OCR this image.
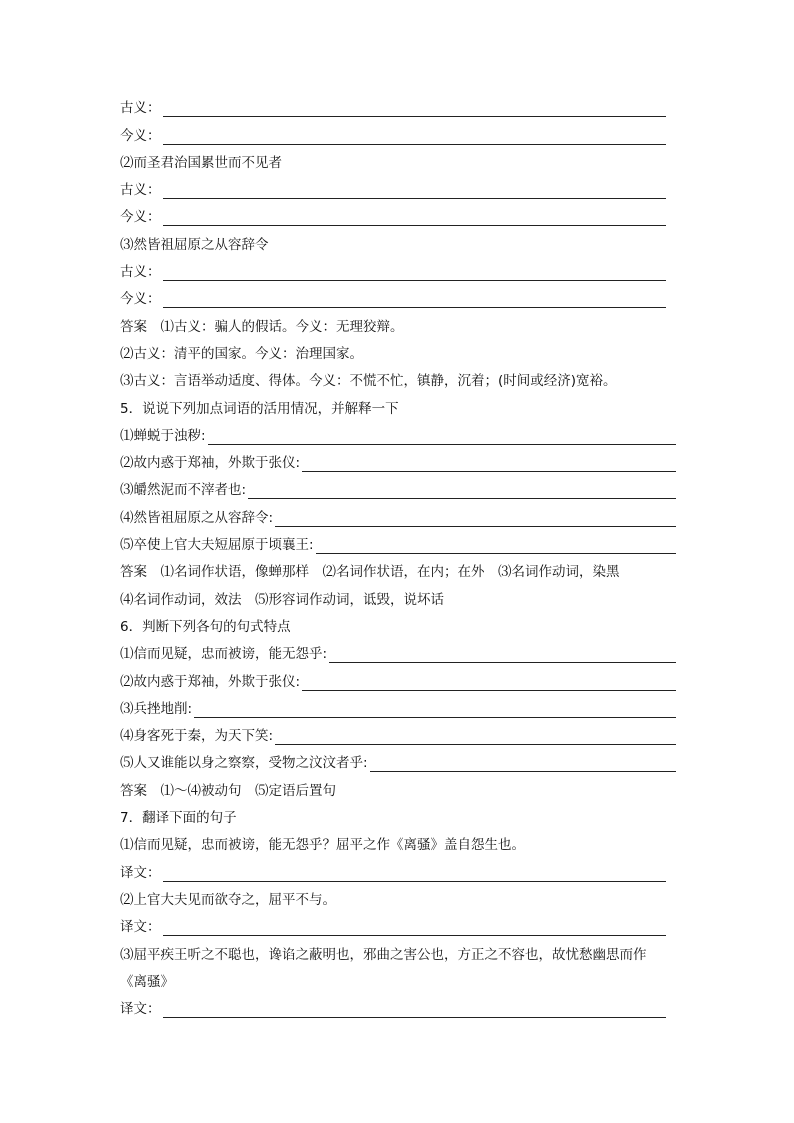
古义：
今义：
⑵而圣君治国累世而不见者
古义：
今义：
⑶然皆祖屈原之从容辞令
古义：
今义：
答案　⑴古义：骗人的假话。今义：无理狡辩。
⑵古义：清平的国家。今义：治理国家。
⑶古义：言语举动适度、得体。今义：不慌不忙，镇静，沉着；(时间或经济)宽裕。
5．说说下列加点词语的活用情况，并解释一下
⑴蝉蜕于浊秽:
⑵故内惑于郑袖，外欺于张仪:
⑶皭然泥而不滓者也:
⑷然皆祖屈原之从容辞令:
⑸卒使上官大夫短屈原于顷襄王:
答案　⑴名词作状语，像蝉那样　⑵名词作状语，在内；在外　⑶名词作动词，染黑
⑷名词作动词，效法　⑸形容词作动词，诋毁，说坏话
6．判断下列各句的句式特点
⑴信而见疑，忠而被谤，能无怨乎:
⑵故内惑于郑袖，外欺于张仪:
⑶兵挫地削:
⑷身客死于秦，为天下笑:
⑸人又谁能以身之察察，受物之汶汶者乎:
答案　⑴～⑷被动句　⑸定语后置句
7．翻译下面的句子
⑴信而见疑，忠而被谤，能无怨乎？屈平之作《离骚》盖自怨生也。
译文：
⑵上官大夫见而欲夺之，屈平不与。
译文：
⑶屈平疾王听之不聪也，谗谄之蔽明也，邪曲之害公也，方正之不容也，故忧愁幽思而作
《离骚》
译文：
